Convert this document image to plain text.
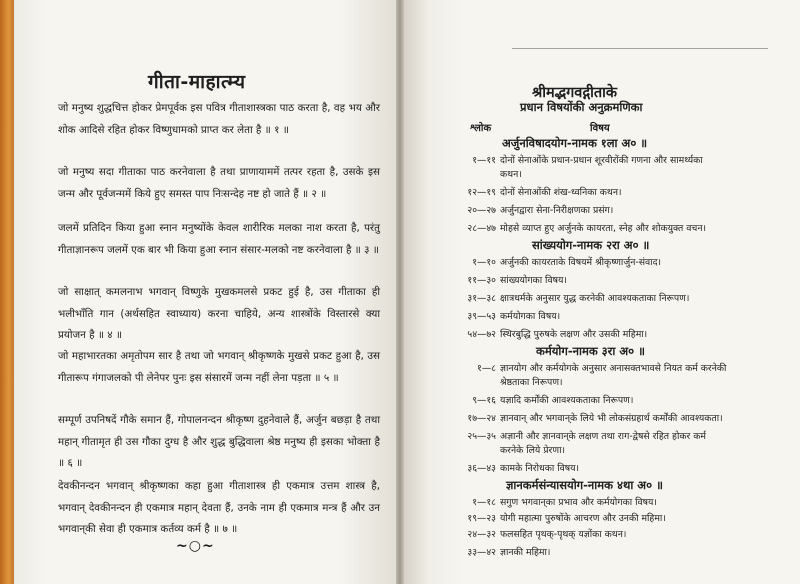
गीता-माहात्म्य
जो मनुष्य शुद्धचित्त होकर प्रेमपूर्वक इस पवित्र गीताशास्त्रका पाठ करता है, वह भय और शोक आदिसे रहित होकर विष्णुधामको प्राप्त कर लेता है ॥ १ ॥
जो मनुष्य सदा गीताका पाठ करनेवाला है तथा प्राणायाममें तत्पर रहता है, उसके इस जन्म और पूर्वजन्ममें किये हुए समस्त पाप निःसन्देह नष्ट हो जाते हैं ॥ २ ॥
जलमें प्रतिदिन किया हुआ स्नान मनुष्योंके केवल शारीरिक मलका नाश करता है, परंतु गीताज्ञानरूप जलमें एक बार भी किया हुआ स्नान संसार-मलको नष्ट करनेवाला है ॥ ३ ॥
जो साक्षात् कमलनाभ भगवान् विष्णुके मुखकमलसे प्रकट हुई है, उस गीताका ही भलीभाँति गान (अर्थसहित स्वाध्याय) करना चाहिये, अन्य शास्त्रोंके विस्तारसे क्या प्रयोजन है ॥ ४ ॥
जो महाभारतका अमृतोपम सार है तथा जो भगवान् श्रीकृष्णके मुखसे प्रकट हुआ है, उस गीतारूप गंगाजलको पी लेनेपर पुनः इस संसारमें जन्म नहीं लेना पड़ता ॥ ५ ॥
सम्पूर्ण उपनिषदें गौके समान हैं, गोपालनन्दन श्रीकृष्ण दुहनेवाले हैं, अर्जुन बछड़ा है तथा महान् गीतामृत ही उस गौका दुग्ध है और शुद्ध बुद्धिवाला श्रेष्ठ मनुष्य ही इसका भोक्ता है ॥ ६ ॥
देवकीनन्दन भगवान् श्रीकृष्णका कहा हुआ गीताशास्त्र ही एकमात्र उत्तम शास्त्र है, भगवान् देवकीनन्दन ही एकमात्र महान् देवता हैं, उनके नाम ही एकमात्र मन्त्र हैं और उन भगवान्‌की सेवा ही एकमात्र कर्तव्य कर्म है ॥ ७ ॥
~○~
श्रीमद्भगवद्गीताके
प्रधान विषयोंकी अनुक्रमणिका
श्लोक	विषय
अर्जुनविषादयोग-नामक १ला अ० ॥
१—११ दोनों सेनाओंके प्रधान-प्रधान शूरवीरोंकी गणना और सामर्थ्यका
कथन।
१२—१९ दोनों सेनाओंकी शंख-ध्वनिका कथन।
२०—२७ अर्जुनद्वारा सेना-निरीक्षणका प्रसंग।
२८—४७ मोहसे व्याप्त हुए अर्जुनके कायरता, स्नेह और शोकयुक्त वचन।
सांख्ययोग-नामक २रा अ० ॥
१—१० अर्जुनकी कायरताके विषयमें श्रीकृष्णार्जुन-संवाद।
११—३० सांख्ययोगका विषय।
३१—३८ क्षात्रधर्मके अनुसार युद्ध करनेकी आवश्यकताका निरूपण।
३९—५३ कर्मयोगका विषय।
५४—७२ स्थिरबुद्धि पुरुषके लक्षण और उसकी महिमा।
कर्मयोग-नामक ३रा अ० ॥
१—८ ज्ञानयोग और कर्मयोगके अनुसार अनासक्तभावसे नियत कर्म करनेकी
श्रेष्ठताका निरूपण।
९—१६ यज्ञादि कर्मोंकी आवश्यकताका निरूपण।
१७—२४ ज्ञानवान् और भगवान्‌के लिये भी लोकसंग्रहार्थ कर्मोंकी आवश्यकता।
२५—३५ अज्ञानी और ज्ञानवान्‌के लक्षण तथा राग-द्वेषसे रहित होकर कर्म
करनेके लिये प्रेरणा।
३६—४३ कामके निरोधका विषय।
ज्ञानकर्मसंन्यासयोग-नामक ४था अ० ॥
१—१८ सगुण भगवान्‌का प्रभाव और कर्मयोगका विषय।
१९—२३ योगी महात्मा पुरुषोंके आचरण और उनकी महिमा।
२४—३२ फलसहित पृथक्-पृथक् यज्ञोंका कथन।
३३—४२ ज्ञानकी महिमा।
